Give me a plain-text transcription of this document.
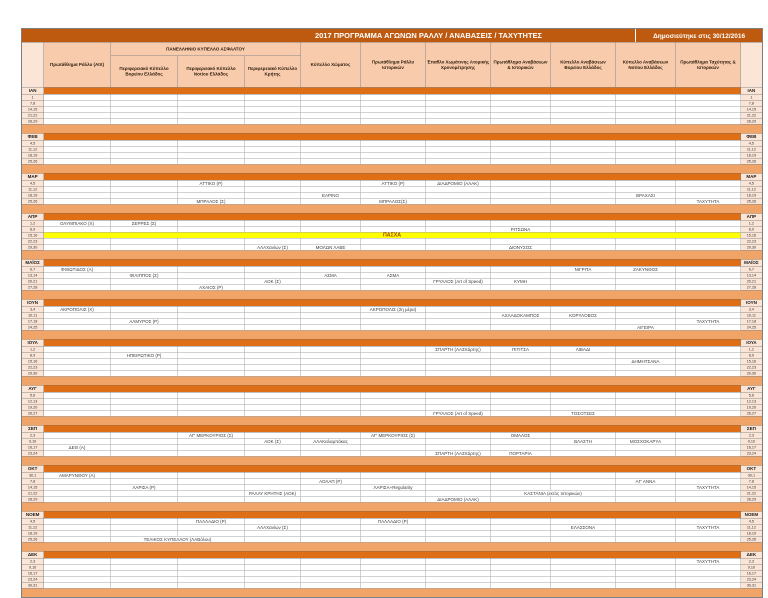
2017 ΠΡΟΓΡΑΜΜΑ ΑΓΩΝΩΝ ΡΑΛΛΥ / ΑΝΑΒΑΣΕΙΣ / ΤΑΧΥΤΗΤΕΣ Δημοσιεύτηκε στις 30/12/2016												

	Πρωτάθλημα Ράλλυ (ΑΙΧ)	ΠΑΝΕΛΛΗΝΙΟ ΚΥΠΕΛΛΟ ΑΣΦΑΛΤΟΥ			Κύπελλο Χώματος	Πρωτάθλημα Ράλλυ Ιστορικών	Έπαθλο Χωμάτινης Ατομικής Χρονομέτρησης	Πρωτάθλημα Αναβάσεων & Ιστορικών	Κύπελλο Αναβάσεων Βορείου Ελλάδος	Κύπελλο Αναβάσεων Νοτίου Ελλάδος	Πρωτάθλημα Ταχύτητας & Ιστορικών	
		Περιφερειακό Κύπελλο Βορείου Ελλάδος	Περιφερειακό Κύπελλο Νοτίου Ελλάδος	Περιφερειακό Κύπελλο Κρήτης								
ΙΑΝ												ΙΑΝ
1												1
7,8												7,8
14,15												14,15
21,22												21,22
28,29												28,29

ΦΕΒ												ΦΕΒ
4,5												4,5
11,12												11,12
18,19												18,19
25,26												25,26

ΜΑΡ												ΜΑΡ
4,5			ΑΤΤΙΚΟ (Ρ)			ΑΤΤΙΚΟ (Ρ)	ΔΙΑΔΡΟΜΙΟ (ΑΛΑΚ)					4,5
11,12												11,12
18,19					ΕΑΡΙΝΟ					ΒΡΑΧΑΣΙ		18,19
25,26			ΜΠΡΑΛΟΣ (Σ)			ΜΠΡΑΛΟΣ(Σ)					ΤΑΧΥΤΗΤΑ	25,26

ΑΠΡ												ΑΠΡ
1,2	ΟΛΥΜΠΙΑΚΟ (Χ)	ΣΕΡΡΕΣ (Σ)										1,2
8,9								ΡΙΤΣΩΝΑ				8,9
15,16	ΠΑΣΧΑ											15,16
22,23												22,23
29,30				ΑΛΑΧανίων (Σ)	ΜΟΛΩΝ ΛΑΒΕ			ΔΙΟΝΥΣΟΣ				29,30

ΜΑΪΟΣ												ΜΑΪΟΣ
6,7	ΦΘΙΩΤΙΔΟΣ (Α)								ΝΙΓΡΙΤΑ	ΖΑΚΥΝΘΟΣ		6,7
13,14		ΦΙΛΙΠΠΟΣ (Σ)			ΑΣΜΑ	ΑΣΜΑ						13,14
20,21				ΑΟΚ (Σ)			ΓΡΥΛΛΟΣ (Art of Speed)	ΚΥΜΗ				20,21
27,28			ΑΧΑΙΟΣ (Ρ)									27,28

ΙΟΥΝ												ΙΟΥΝ
3,4	ΑΚΡΟΠΟΛΙΣ (Χ)					ΑΚΡΟΠΟΛΙΣ (2η μέρα)						3,4
10,11								ΑΧΛΑΔΟΚΑΜΠΟΣ	ΚΟΡΥΛΟΒΟΣ			10,11
17,18		ΑΛΜΥΡΟΣ (Ρ)									ΤΑΧΥΤΗΤΑ	17,18
24,25										ΑΙΓΕΙΡΑ		24,25

ΙΟΥΛ												ΙΟΥΛ
1,2							ΣΠΑΡΤΗ (ΛΑΣπάρτης)	ΠΙΤΙΤΣΑ	ΛΙΒΑΔΙ			1,2
8,9		ΗΠΕΙΡΩΤΙΚΟ (Ρ)										8,9
15,16										ΔΗΜΗΤΣΑΝΑ		15,16
22,23												22,23
29,30												29,30

ΑΥΓ												ΑΥΓ
5,6												5,6
12,13												12,13
19,20												19,20
26,27							ΓΡΥΛΛΟΣ (Art of Speed)		ΤΟΣΟΤΣΕΣ			26,27

ΣΕΠ												ΣΕΠ
2,3			ΑΓ' ΜΕΡΚΟΥΡΙΟΣ (Σ)			ΑΓ' ΜΕΡΚΟΥΡΙΟΣ (Σ)		ΟΜΑΛΟΣ				2,3
9,10				ΑΟΚ (Σ)	ΑΛΑΚαλαμπάκας				ΒΛΑΣΤΗ	ΜΟΣΧΟΚΑΡΥΑ		9,10
16,17	ΔΕΘ (Α)											16,17
23,24							ΣΠΑΡΤΗ (ΛΑΣπάρτης)	ΠΟΡΤΑΡΙΑ				23,24

ΟΚΤ												ΟΚΤ
30,1	ΑΜΑΡΥΝΘΟΥ (Α)											30,1
7,8					ΑΟΛΑΠ (Ρ)					ΑΓ' ΑΝΝΑ		7,8
14,15		ΛΑΡΙΣΑ (Ρ)				ΛΑΡΙΣΑ+Regularity					ΤΑΧΥΤΗΤΑ	14,15
21,22				ΡΑΛΛΥ ΚΡΗΤΗΣ (ΑΟΚ)				ΚΑΣΤΑΝΙΑ (εκτός Ιστορικών)				21,22
28,29							ΔΙΑΔΡΟΜΙΟ (ΑΛΑΚ)					28,29

ΝΟΕΜ												ΝΟΕΜ
4,5			ΠΑΛΛΑΔΙΟ (Ρ)			ΠΑΛΛΑΔΙΟ (Ρ)						4,5
11,12				ΑΛΑΧανίων (Σ)					ΕΛΑΣΣΟΝΑ		ΤΑΧΥΤΗΤΑ	11,12
18,19												18,19
25,26		ΤΕΛΙΚΟΣ ΚΥΠΕΛΛΟΥ (ΛΑΒόλου)										25,26

ΔΕΚ												ΔΕΚ
2,3											ΤΑΧΥΤΗΤΑ	2,3
9,10												9,10
16,17												16,17
23,24												23,24
30,31												30,31
